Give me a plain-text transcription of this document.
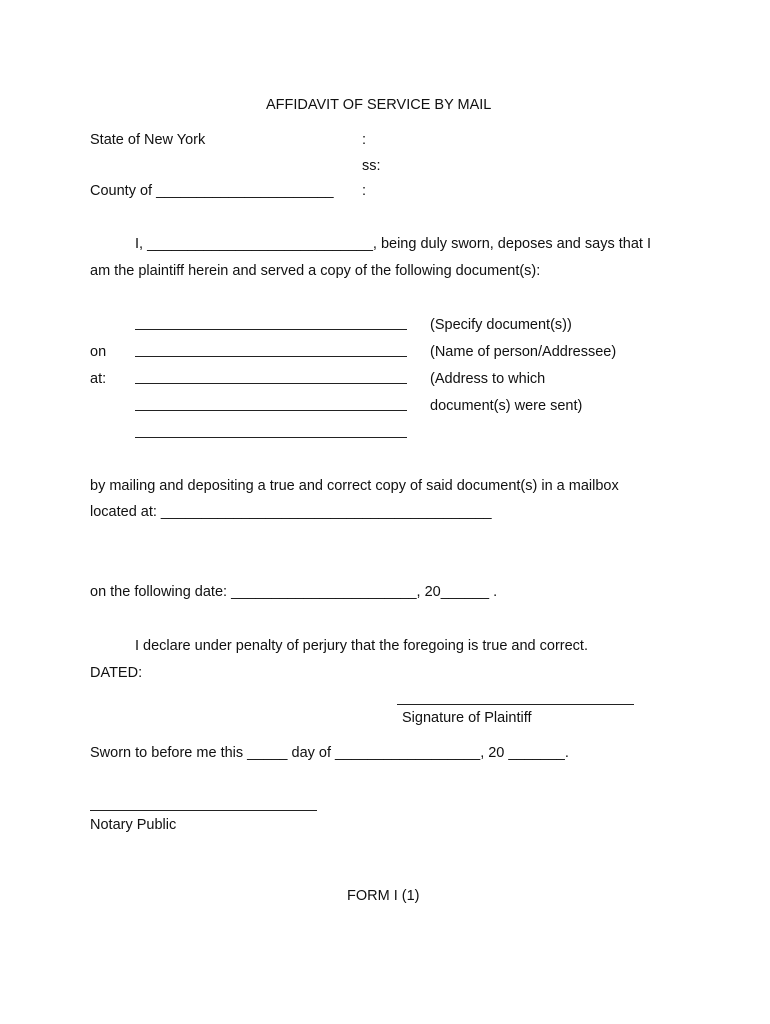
AFFIDAVIT OF SERVICE BY MAIL
State of New York	:
ss:
County of ______________________ :
I, ____________________________, being duly sworn, deposes and says that I
am the plaintiff herein and served a copy of the following document(s):
(Specify document(s))
on	(Name of person/Addressee)
at:	(Address to which
document(s) were sent)
by mailing and depositing a true and correct copy of said document(s) in a mailbox
located at: _________________________________________
on the following date: _______________________, 20______ .
I declare under penalty of perjury that the foregoing is true and correct.
DATED:
Signature of Plaintiff
Sworn to before me this _____ day of __________________, 20 _______.
Notary Public
FORM I (1)
